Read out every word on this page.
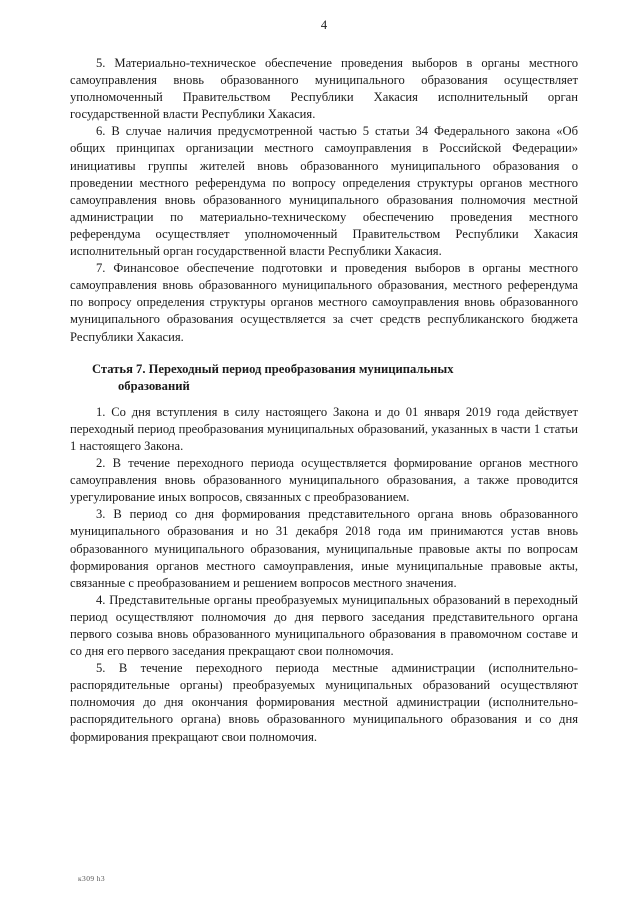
4

5. Материально-техническое обеспечение проведения выборов в органы местного самоуправления вновь образованного муниципального образования осуществляет уполномоченный Правительством Республики Хакасия исполнительный орган государственной власти Республики Хакасия.

6. В случае наличия предусмотренной частью 5 статьи 34 Федерального закона «Об общих принципах организации местного самоуправления в Российской Федерации» инициативы группы жителей вновь образованного муниципального образования о проведении местного референдума по вопросу определения структуры органов местного самоуправления вновь образованного муниципального образования полномочия местной администрации по материально-техническому обеспечению проведения местного референдума осуществляет уполномоченный Правительством Республики Хакасия исполнительный орган государственной власти Республики Хакасия.

7. Финансовое обеспечение подготовки и проведения выборов в органы местного самоуправления вновь образованного муниципального образования, местного референдума по вопросу определения структуры органов местного самоуправления вновь образованного муниципального образования осуществляется за счет средств республиканского бюджета Республики Хакасия.

Статья 7. Переходный период преобразования муниципальных
образований

1. Со дня вступления в силу настоящего Закона и до 01 января 2019 года действует переходный период преобразования муниципальных образований, указанных в части 1 статьи 1 настоящего Закона.

2. В течение переходного периода осуществляется формирование органов местного самоуправления вновь образованного муниципального образования, а также проводится урегулирование иных вопросов, связанных с преобразованием.

3. В период со дня формирования представительного органа вновь образованного муниципального образования и но 31 декабря 2018 года им принимаются устав вновь образованного муниципального образования, муниципальные правовые акты по вопросам формирования органов местного самоуправления, иные муниципальные правовые акты, связанные с преобразованием и решением вопросов местного значения.

4. Представительные органы преобразуемых муниципальных образований в переходный период осуществляют полномочия до дня первого заседания представительного органа первого созыва вновь образованного муниципального образования в правомочном составе и со дня его первого заседания прекращают свои полномочия.

5. В течение переходного периода местные администрации (исполнительно-распорядительные органы) преобразуемых муниципальных образований осуществляют полномочия до дня окончания формирования местной администрации (исполнительно-распорядительного органа) вновь образованного муниципального образования и со дня формирования прекращают свои полномочия.

к309 h3
